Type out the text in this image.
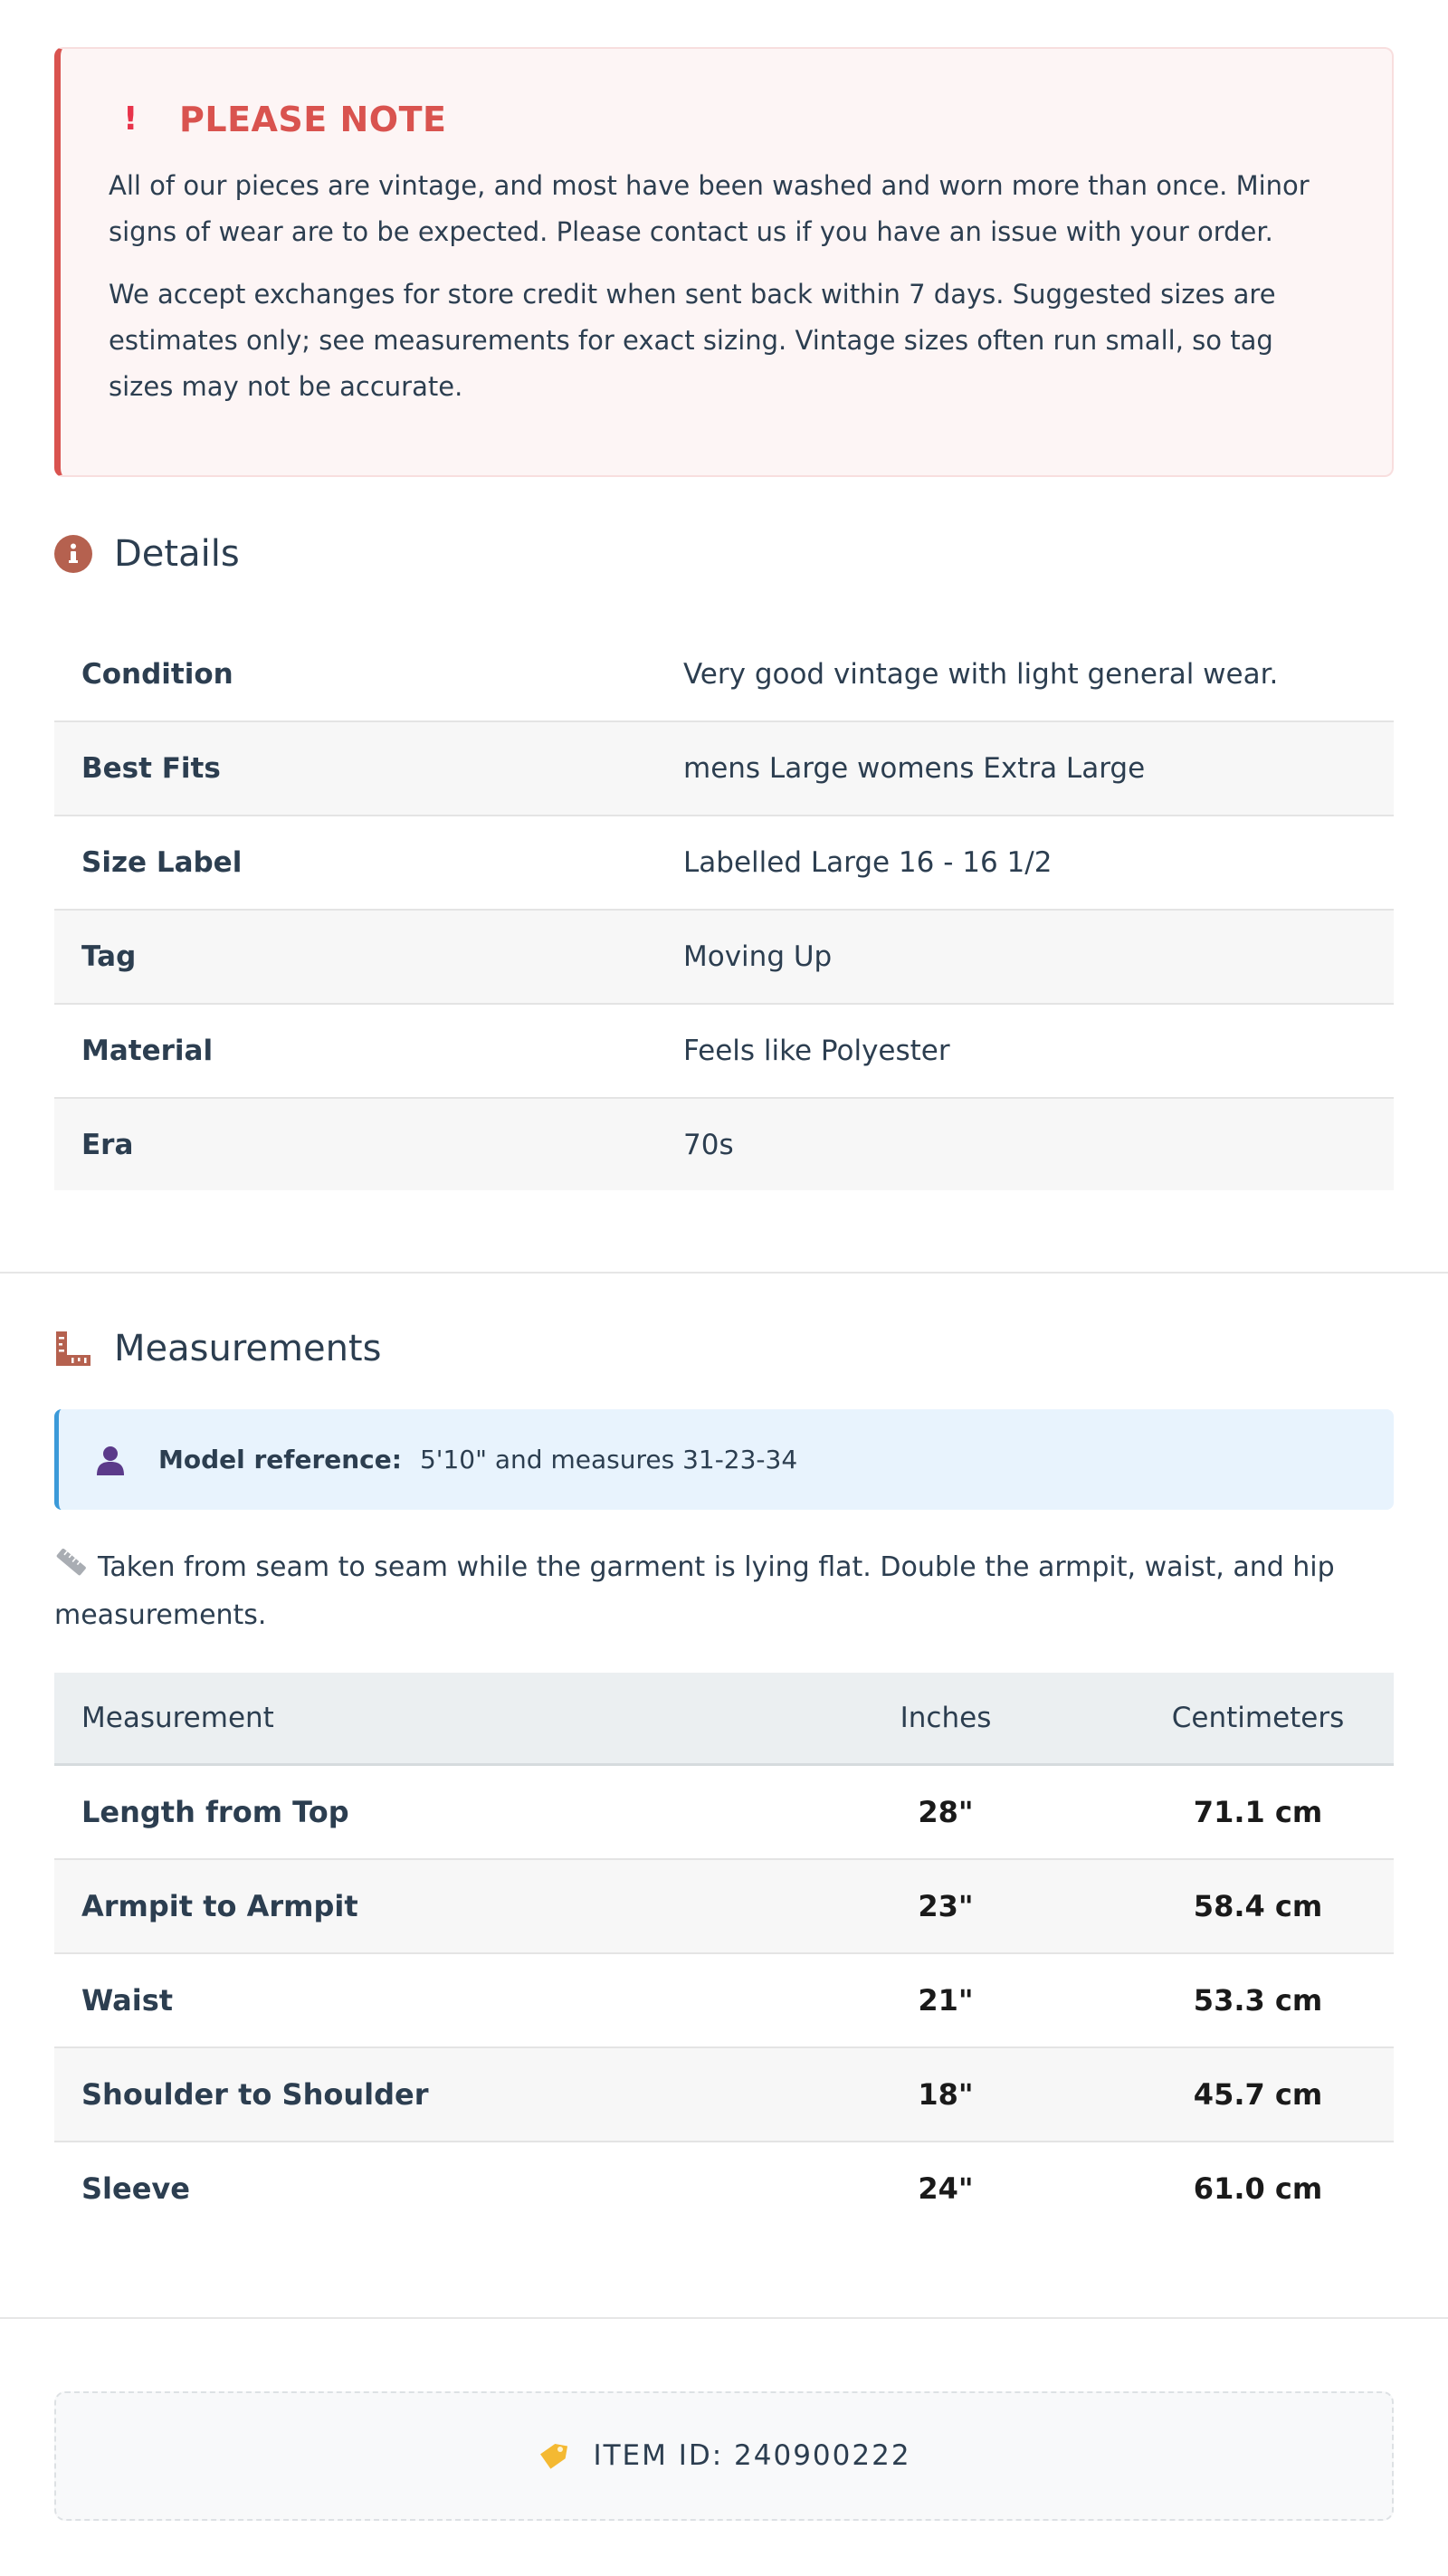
!	PLEASE NOTE

All of our pieces are vintage, and most have been washed and worn more than once. Minor signs of wear are to be expected. Please contact us if you have an issue with your order.

We accept exchanges for store credit when sent back within 7 days. Suggested sizes are estimates only; see measurements for exact sizing. Vintage sizes often run small, so tag sizes may not be accurate.

Details
Condition	Very good vintage with light general wear.
Best Fits	mens Large womens Extra Large
Size Label	Labelled Large 16 - 16 1/2
Tag	Moving Up
Material	Feels like Polyester
Era	70s
Measurements
Model reference: 5'10" and measures 31-23-34
Taken from seam to seam while the garment is lying flat. Double the armpit, waist, and hip measurements.
Measurement	Inches	Centimeters
Length from Top	28"	71.1 cm
Armpit to Armpit	23"	58.4 cm
Waist	21"	53.3 cm
Shoulder to Shoulder	18"	45.7 cm
Sleeve	24"	61.0 cm
ITEM ID: 240900222
